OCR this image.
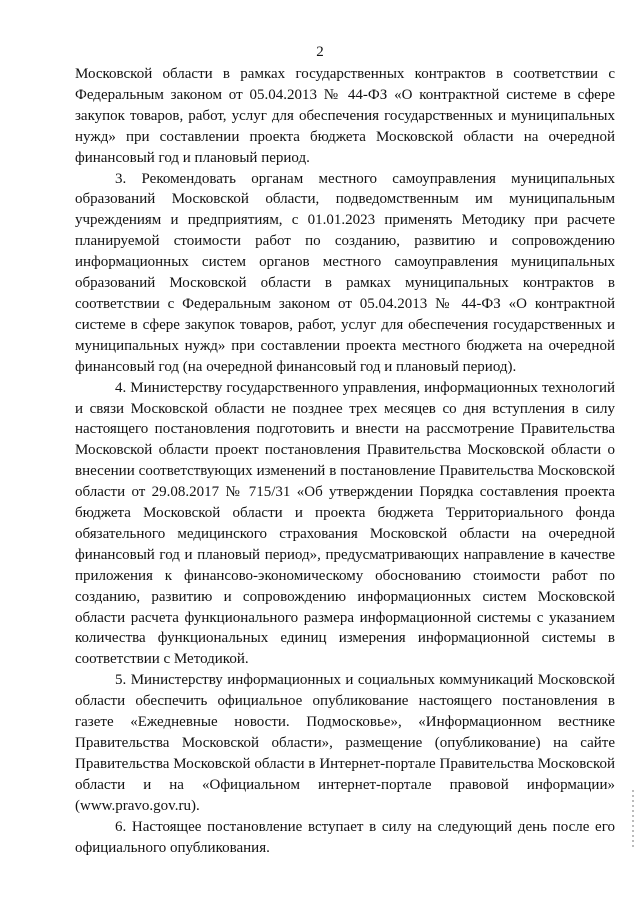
2

Московской области в рамках государственных контрактов в соответствии с Федеральным законом от 05.04.2013 № 44-ФЗ «О контрактной системе в сфере закупок товаров, работ, услуг для обеспечения государственных и муниципальных нужд» при составлении проекта бюджета Московской области на очередной финансовый год и плановый период.

3. Рекомендовать органам местного самоуправления муниципальных образований Московской области, подведомственным им муниципальным учреждениям и предприятиям, с 01.01.2023 применять Методику при расчете планируемой стоимости работ по созданию, развитию и сопровождению информационных систем органов местного самоуправления муниципальных образований Московской области в рамках муниципальных контрактов в соответствии с Федеральным законом от 05.04.2013 № 44-ФЗ «О контрактной системе в сфере закупок товаров, работ, услуг для обеспечения государственных и муниципальных нужд» при составлении проекта местного бюджета на очередной финансовый год (на очередной финансовый год и плановый период).

4. Министерству государственного управления, информационных технологий и связи Московской области не позднее трех месяцев со дня вступления в силу настоящего постановления подготовить и внести на рассмотрение Правительства Московской области проект постановления Правительства Московской области о внесении соответствующих изменений в постановление Правительства Московской области от 29.08.2017 № 715/31 «Об утверждении Порядка составления проекта бюджета Московской области и проекта бюджета Территориального фонда обязательного медицинского страхования Московской области на очередной финансовый год и плановый период», предусматривающих направление в качестве приложения к финансово-экономическому обоснованию стоимости работ по созданию, развитию и сопровождению информационных систем Московской области расчета функционального размера информационной системы с указанием количества функциональных единиц измерения информационной системы в соответствии с Методикой.

5. Министерству информационных и социальных коммуникаций Московской области обеспечить официальное опубликование настоящего постановления в газете «Ежедневные новости. Подмосковье», «Информационном вестнике Правительства Московской области», размещение (опубликование) на сайте Правительства Московской области в Интернет-портале Правительства Московской области и на «Официальном интернет-портале правовой информации» (www.pravo.gov.ru).

6. Настоящее постановление вступает в силу на следующий день после его официального опубликования.
